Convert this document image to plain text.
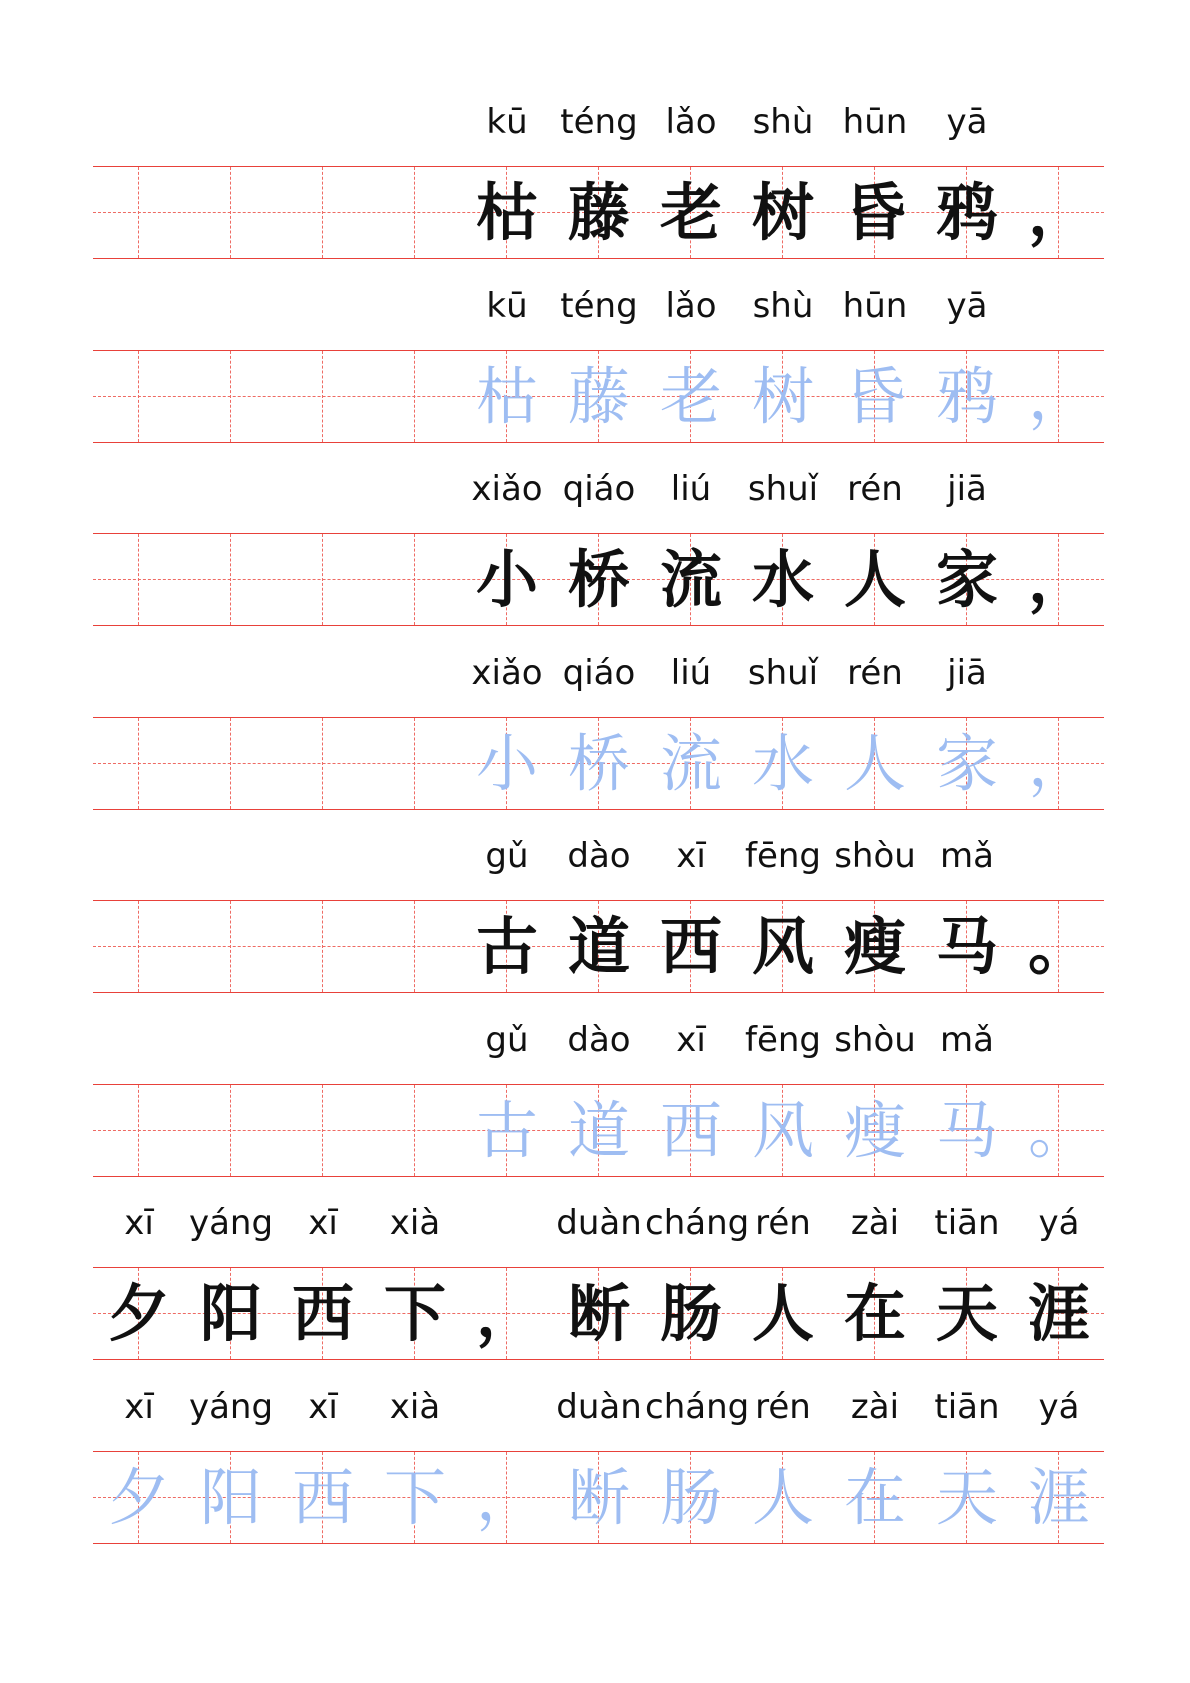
kū téng lǎo	shù hūn	yā
枯 藤 老 树 昏 鸦 ，
kū téng lǎo	shù hūn	yā
枯 藤 老 树 昏 鸦 ，
xiǎo qiáo	liú	shuǐ rén	jiā
小 桥 流 水 人 家 ，
xiǎo qiáo	liú	shuǐ rén	jiā
小 桥 流 水 人 家 ，
gǔ	dào	xī	fēng shòu mǎ
古 道 西 风 瘦 马 。
gǔ	dào	xī	fēng shòu mǎ
古 道 西 风 瘦 马 。
xī	yáng	xī	xià	duàn cháng rén	zài	tiān	yá
夕 阳 西 下 ， 断 肠 人 在 天 涯
xī	yáng	xī	xià	duàn cháng rén	zài	tiān	yá
夕 阳 西 下 ， 断 肠 人 在 天 涯
